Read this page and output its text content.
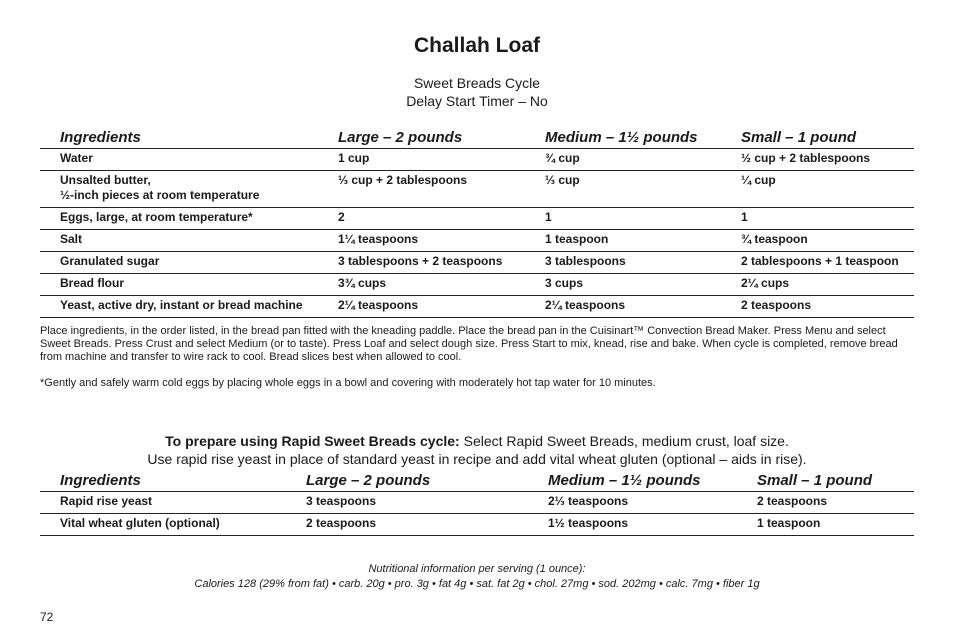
Challah Loaf
Sweet Breads Cycle
Delay Start Timer – No
Ingredients	Large – 2 pounds	Medium – 1½ pounds	Small – 1 pound
Water	1 cup	¾ cup	½ cup + 2 tablespoons
Unsalted butter,
½-inch pieces at room temperature	⅓ cup + 2 tablespoons	⅓ cup	¼ cup
Eggs, large, at room temperature*	2	1	1
Salt	1¼ teaspoons	1 teaspoon	¾ teaspoon
Granulated sugar	3 tablespoons + 2 teaspoons	3 tablespoons	2 tablespoons + 1 teaspoon
Bread flour	3¾ cups	3 cups	2¼ cups
Yeast, active dry, instant or bread machine	2¼ teaspoons	2¼ teaspoons	2 teaspoons
Place ingredients, in the order listed, in the bread pan fitted with the kneading paddle. Place the bread pan in the Cuisinart™ Convection Bread Maker. Press Menu and select Sweet Breads. Press Crust and select Medium (or to taste). Press Loaf and select dough size. Press Start to mix, knead, rise and bake. When cycle is completed, remove bread from machine and transfer to wire rack to cool. Bread slices best when allowed to cool.
*Gently and safely warm cold eggs by placing whole eggs in a bowl and covering with moderately hot tap water for 10 minutes.
To prepare using Rapid Sweet Breads cycle: Select Rapid Sweet Breads, medium crust, loaf size.
Use rapid rise yeast in place of standard yeast in recipe and add vital wheat gluten (optional – aids in rise).
Ingredients	Large – 2 pounds	Medium – 1½ pounds	Small – 1 pound
Rapid rise yeast	3 teaspoons	2⅓ teaspoons	2 teaspoons
Vital wheat gluten (optional)	2 teaspoons	1½ teaspoons	1 teaspoon
Nutritional information per serving (1 ounce):
Calories 128 (29% from fat) • carb. 20g • pro. 3g • fat 4g • sat. fat 2g • chol. 27mg • sod. 202mg • calc. 7mg • fiber 1g
72
